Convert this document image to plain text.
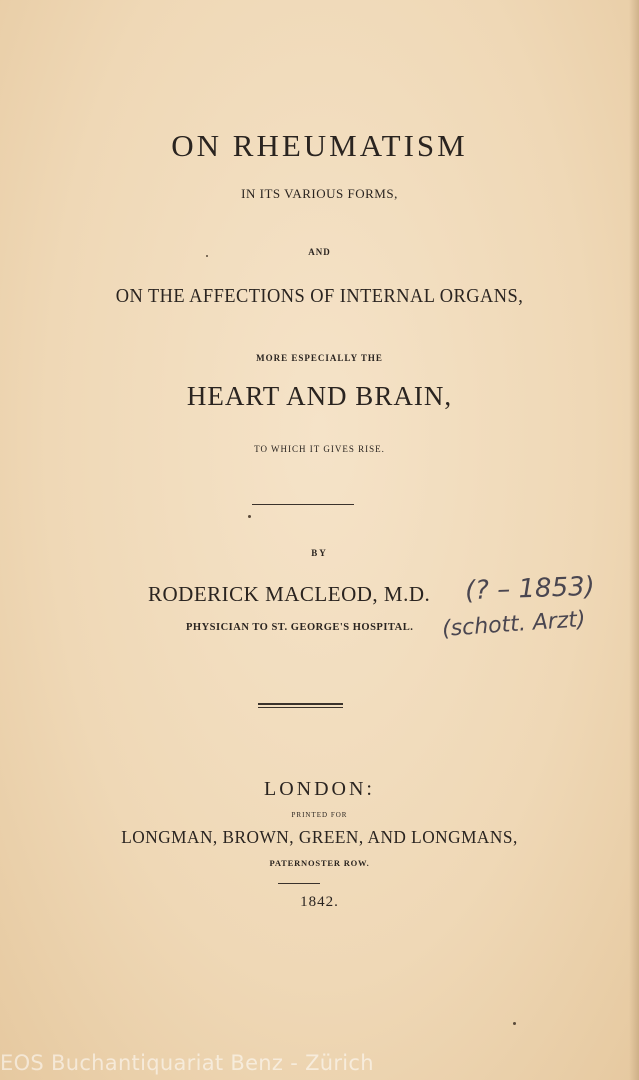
ON RHEUMATISM
IN ITS VARIOUS FORMS,
AND
ON THE AFFECTIONS OF INTERNAL ORGANS,
MORE ESPECIALLY THE
HEART AND BRAIN,
TO WHICH IT GIVES RISE.
BY
RODERICK MACLEOD, M.D.
PHYSICIAN TO ST. GEORGE'S HOSPITAL.
(? – 1853)
(schott. Arzt)
LONDON:
PRINTED FOR
LONGMAN, BROWN, GREEN, AND LONGMANS,
PATERNOSTER ROW.
1842.
EOS Buchantiquariat Benz - Zürich
